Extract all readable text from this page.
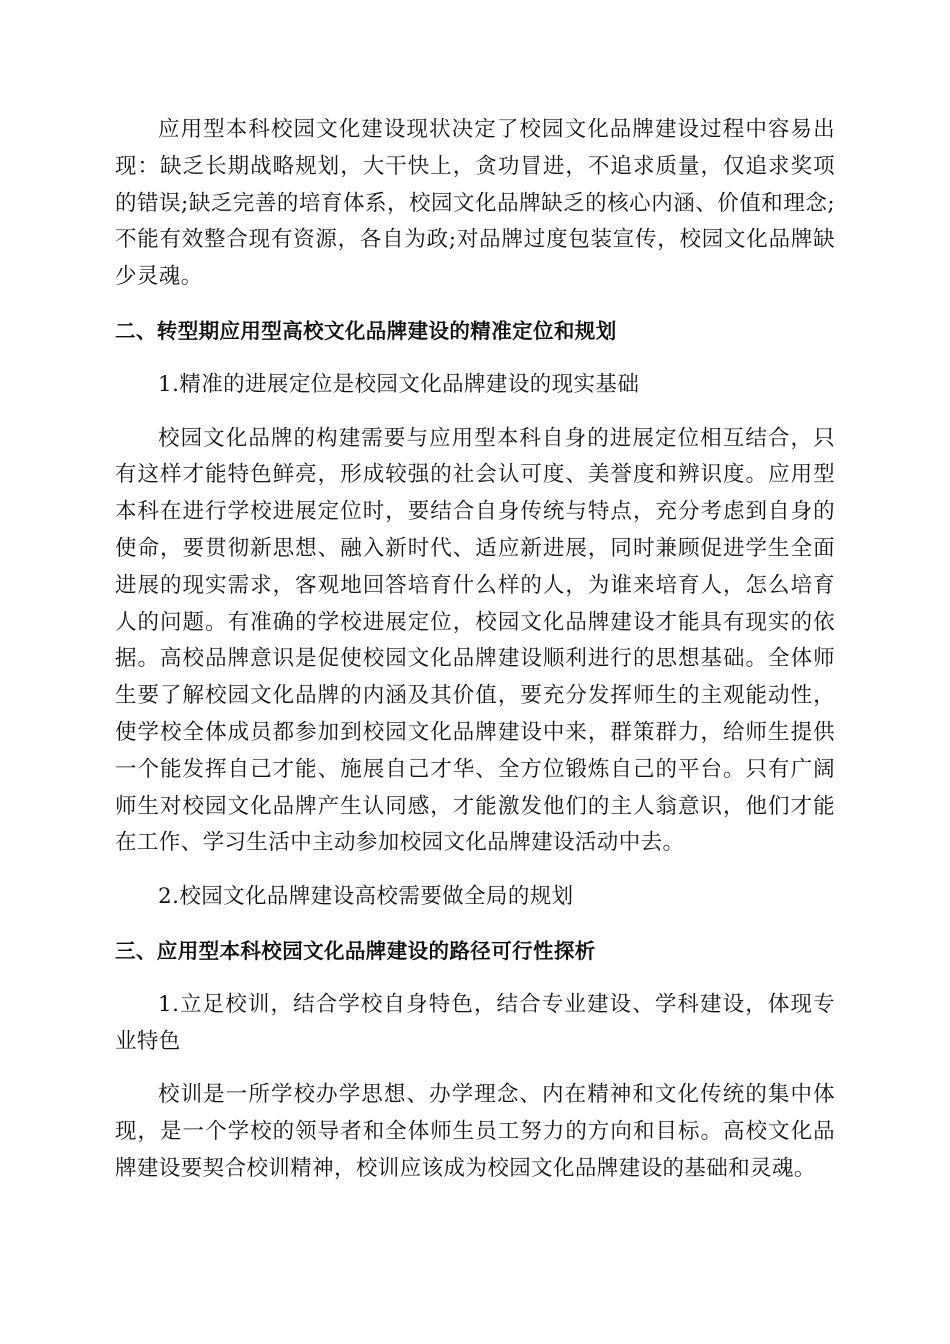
应用型本科校园文化建设现状决定了校园文化品牌建设过程中容易出现：缺乏长期战略规划，大干快上，贪功冒进，不追求质量，仅追求奖项的错误;缺乏完善的培育体系，校园文化品牌缺乏的核心内涵、价值和理念;不能有效整合现有资源，各自为政;对品牌过度包装宣传，校园文化品牌缺少灵魂。

二、转型期应用型高校文化品牌建设的精准定位和规划

1.精准的进展定位是校园文化品牌建设的现实基础

校园文化品牌的构建需要与应用型本科自身的进展定位相互结合，只有这样才能特色鲜亮，形成较强的社会认可度、美誉度和辨识度。应用型本科在进行学校进展定位时，要结合自身传统与特点，充分考虑到自身的使命，要贯彻新思想、融入新时代、适应新进展，同时兼顾促进学生全面进展的现实需求，客观地回答培育什么样的人，为谁来培育人，怎么培育人的问题。有准确的学校进展定位，校园文化品牌建设才能具有现实的依据。高校品牌意识是促使校园文化品牌建设顺利进行的思想基础。全体师生要了解校园文化品牌的内涵及其价值，要充分发挥师生的主观能动性，使学校全体成员都参加到校园文化品牌建设中来，群策群力，给师生提供一个能发挥自己才能、施展自己才华、全方位锻炼自己的平台。只有广阔师生对校园文化品牌产生认同感，才能激发他们的主人翁意识，他们才能在工作、学习生活中主动参加校园文化品牌建设活动中去。

2.校园文化品牌建设高校需要做全局的规划

三、应用型本科校园文化品牌建设的路径可行性探析

1.立足校训，结合学校自身特色，结合专业建设、学科建设，体现专业特色

校训是一所学校办学思想、办学理念、内在精神和文化传统的集中体现，是一个学校的领导者和全体师生员工努力的方向和目标。高校文化品牌建设要契合校训精神，校训应该成为校园文化品牌建设的基础和灵魂。
